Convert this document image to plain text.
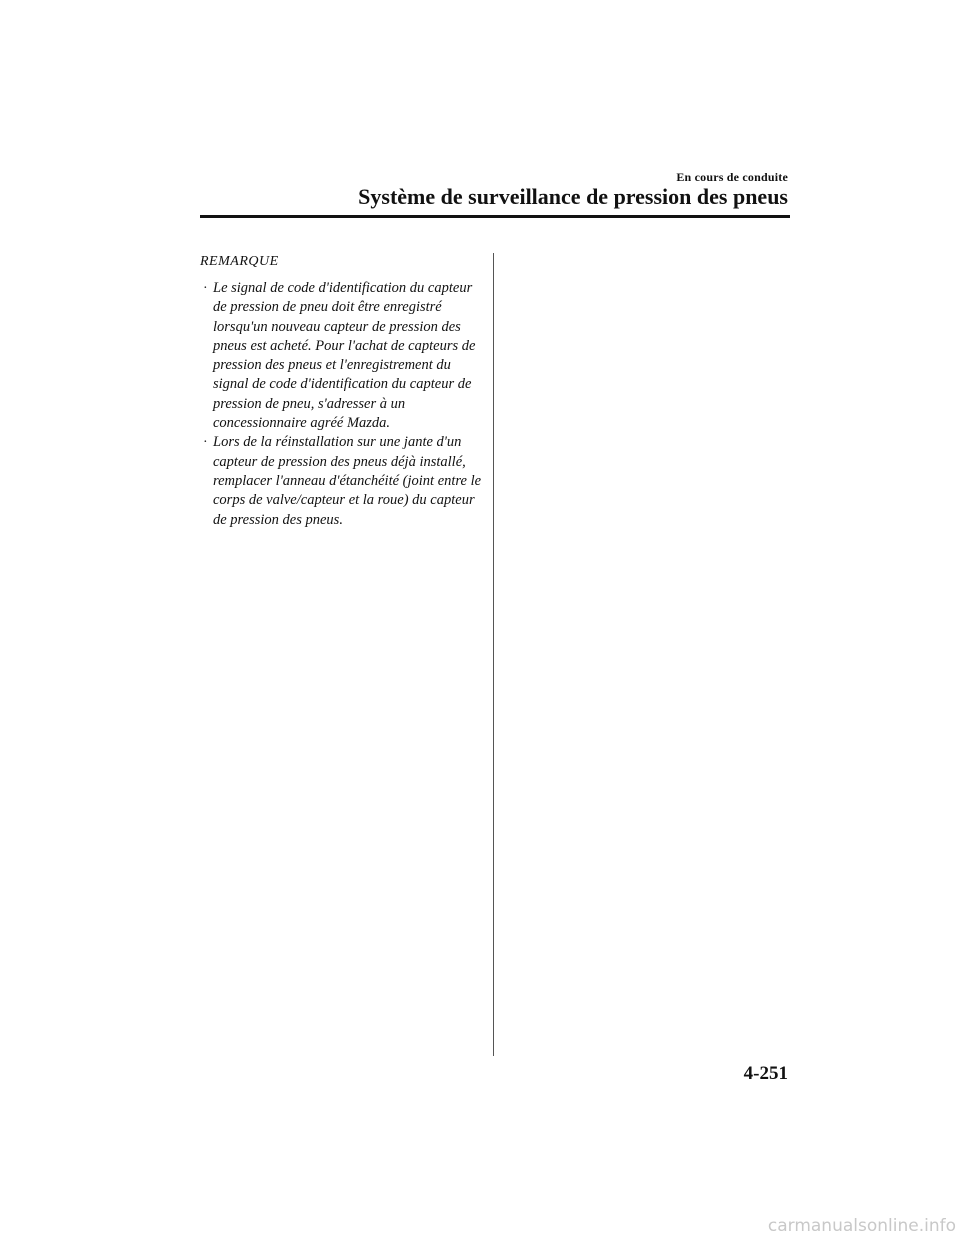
En cours de conduite
Système de surveillance de pression des pneus
REMARQUE
· Le signal de code d'identification du capteur de pression de pneu doit être enregistré lorsqu'un nouveau capteur de pression des pneus est acheté. Pour l'achat de capteurs de pression des pneus et l'enregistrement du signal de code d'identification du capteur de pression de pneu, s'adresser à un concessionnaire agréé Mazda.
· Lors de la réinstallation sur une jante d'un capteur de pression des pneus déjà installé, remplacer l'anneau d'étanchéité (joint entre le corps de valve/capteur et la roue) du capteur de pression des pneus.
4-251
carmanualsonline.info
